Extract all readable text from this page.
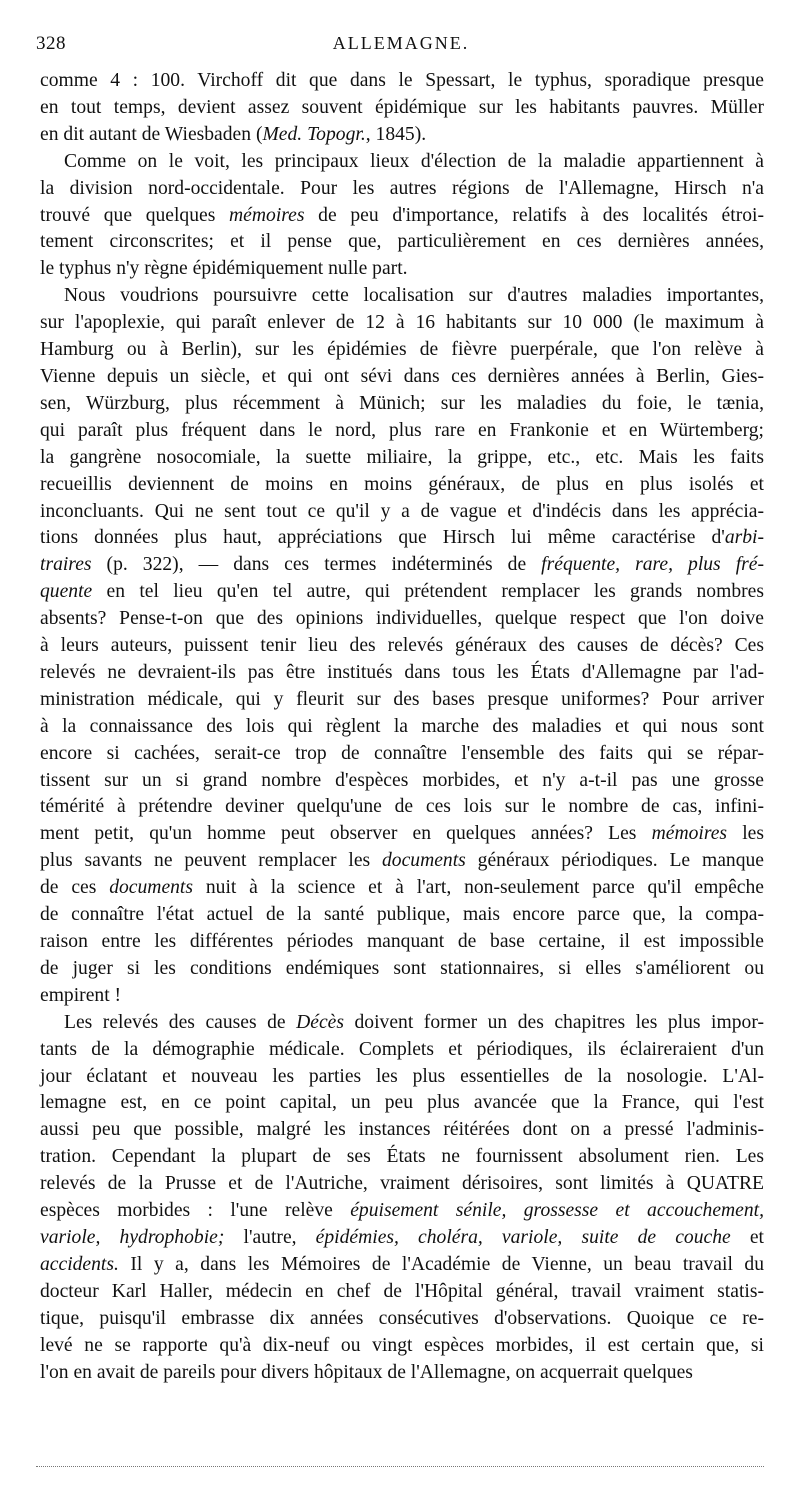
328	ALLEMAGNE.
comme 4 : 100. Virchoff dit que dans le Spessart, le typhus, sporadique presque
en tout temps, devient assez souvent épidémique sur les habitants pauvres. Müller
en dit autant de Wiesbaden (Med. Topogr., 1845).
Comme on le voit, les principaux lieux d'élection de la maladie appartiennent à
la division nord-occidentale. Pour les autres régions de l'Allemagne, Hirsch n'a
trouvé que quelques mémoires de peu d'importance, relatifs à des localités étroi-
tement circonscrites; et il pense que, particulièrement en ces dernières années,
le typhus n'y règne épidémiquement nulle part.
Nous voudrions poursuivre cette localisation sur d'autres maladies importantes,
sur l'apoplexie, qui paraît enlever de 12 à 16 habitants sur 10 000 (le maximum à
Hamburg ou à Berlin), sur les épidémies de fièvre puerpérale, que l'on relève à
Vienne depuis un siècle, et qui ont sévi dans ces dernières années à Berlin, Gies-
sen, Würzburg, plus récemment à Münich; sur les maladies du foie, le tænia,
qui paraît plus fréquent dans le nord, plus rare en Frankonie et en Würtemberg;
la gangrène nosocomiale, la suette miliaire, la grippe, etc., etc. Mais les faits
recueillis deviennent de moins en moins généraux, de plus en plus isolés et
inconcluants. Qui ne sent tout ce qu'il y a de vague et d'indécis dans les apprécia-
tions données plus haut, appréciations que Hirsch lui même caractérise d'arbi-
traires (p. 322), — dans ces termes indéterminés de fréquente, rare, plus fré-
quente en tel lieu qu'en tel autre, qui prétendent remplacer les grands nombres
absents? Pense-t-on que des opinions individuelles, quelque respect que l'on doive
à leurs auteurs, puissent tenir lieu des relevés généraux des causes de décès? Ces
relevés ne devraient-ils pas être institués dans tous les États d'Allemagne par l'ad-
ministration médicale, qui y fleurit sur des bases presque uniformes? Pour arriver
à la connaissance des lois qui règlent la marche des maladies et qui nous sont
encore si cachées, serait-ce trop de connaître l'ensemble des faits qui se répar-
tissent sur un si grand nombre d'espèces morbides, et n'y a-t-il pas une grosse
témérité à prétendre deviner quelqu'une de ces lois sur le nombre de cas, infini-
ment petit, qu'un homme peut observer en quelques années? Les mémoires les
plus savants ne peuvent remplacer les documents généraux périodiques. Le manque
de ces documents nuit à la science et à l'art, non-seulement parce qu'il empêche
de connaître l'état actuel de la santé publique, mais encore parce que, la compa-
raison entre les différentes périodes manquant de base certaine, il est impossible
de juger si les conditions endémiques sont stationnaires, si elles s'améliorent ou
empirent !
Les relevés des causes de Décès doivent former un des chapitres les plus impor-
tants de la démographie médicale. Complets et périodiques, ils éclaireraient d'un
jour éclatant et nouveau les parties les plus essentielles de la nosologie. L'Al-
lemagne est, en ce point capital, un peu plus avancée que la France, qui l'est
aussi peu que possible, malgré les instances réitérées dont on a pressé l'adminis-
tration. Cependant la plupart de ses États ne fournissent absolument rien. Les
relevés de la Prusse et de l'Autriche, vraiment dérisoires, sont limités à QUATRE
espèces morbides : l'une relève épuisement sénile, grossesse et accouchement,
variole, hydrophobie; l'autre, épidémies, choléra, variole, suite de couche et
accidents. Il y a, dans les Mémoires de l'Académie de Vienne, un beau travail du
docteur Karl Haller, médecin en chef de l'Hôpital général, travail vraiment statis-
tique, puisqu'il embrasse dix années consécutives d'observations. Quoique ce re-
levé ne se rapporte qu'à dix-neuf ou vingt espèces morbides, il est certain que, si
l'on en avait de pareils pour divers hôpitaux de l'Allemagne, on acquerrait quelques
